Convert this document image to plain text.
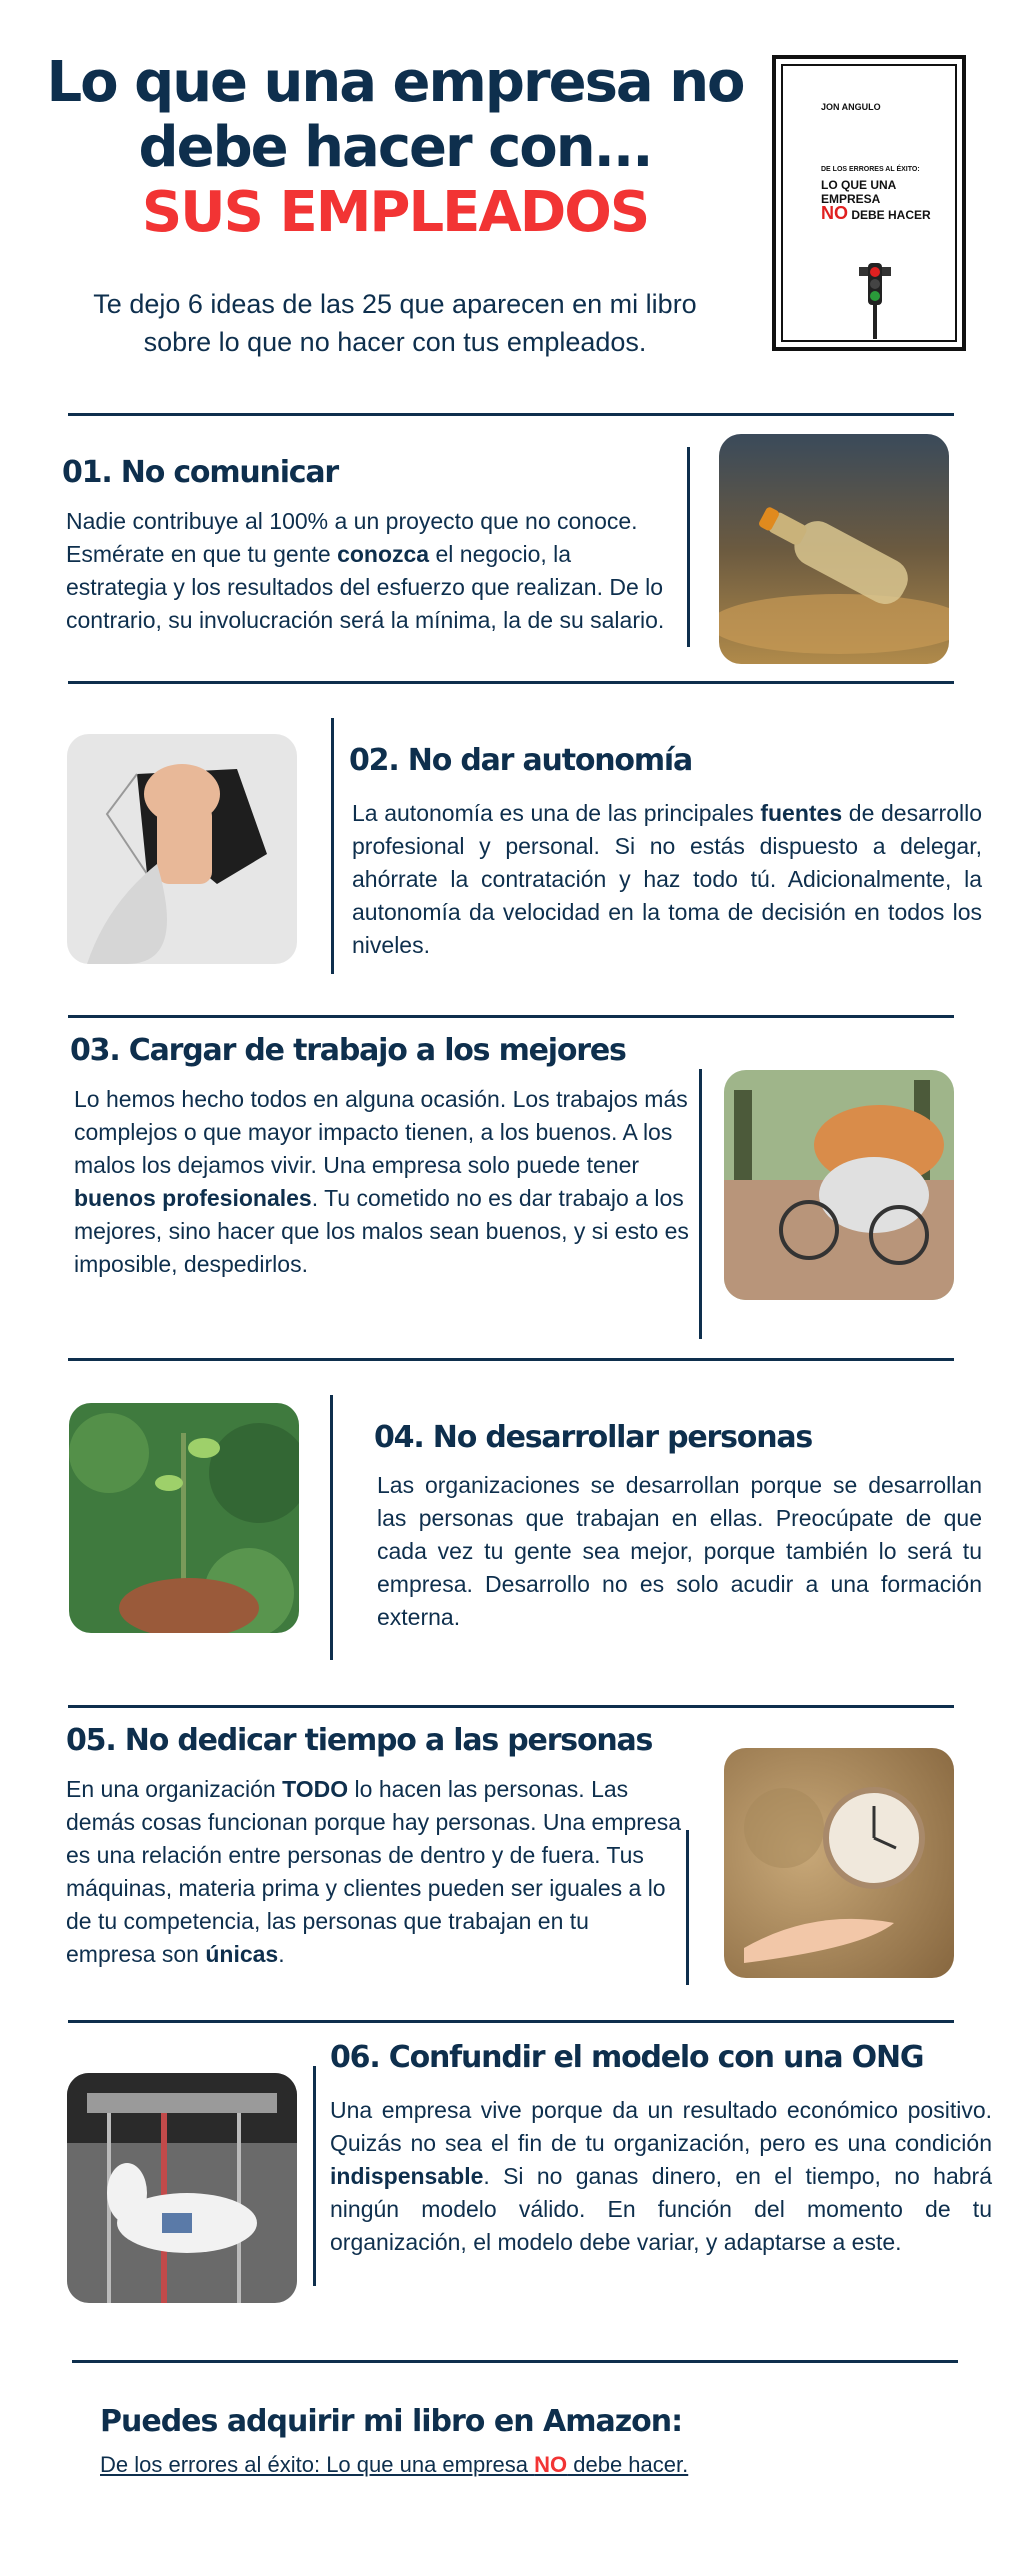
Lo que una empresa no
debe hacer con...
SUS EMPLEADOS

Te dejo 6 ideas de las 25 que aparecen en mi libro sobre lo que no hacer con tus empleados.

JON ANGULO
DE LOS ERRORES AL ÉXITO:
LO QUE UNA EMPRESA
NO DEBE HACER
01. No comunicar

Nadie contribuye al 100% a un proyecto que no conoce. Esmérate en que tu gente conozca el negocio, la estrategia y los resultados del esfuerzo que realizan. De lo contrario, su involucración será la mínima, la de su salario.

02. No dar autonomía

La autonomía es una de las principales fuentes de desarrollo profesional y personal. Si no estás dispuesto a delegar, ahórrate la contratación y haz todo tú. Adicionalmente, la autonomía da velocidad en la toma de decisión en todos los niveles.

03. Cargar de trabajo a los mejores

Lo hemos hecho todos en alguna ocasión. Los trabajos más complejos o que mayor impacto tienen, a los buenos. A los malos los dejamos vivir. Una empresa solo puede tener buenos profesionales. Tu cometido no es dar trabajo a los mejores, sino hacer que los malos sean buenos, y si esto es imposible, despedirlos.

04. No desarrollar personas

Las organizaciones se desarrollan porque se desarrollan las personas que trabajan en ellas. Preocúpate de que cada vez tu gente sea mejor, porque también lo será tu empresa. Desarrollo no es solo acudir a una formación externa.

05. No dedicar tiempo a las personas

En una organización TODO lo hacen las personas. Las demás cosas funcionan porque hay personas. Una empresa es una relación entre personas de dentro y de fuera. Tus máquinas, materia prima y clientes pueden ser iguales a lo de tu competencia, las personas que trabajan en tu empresa son únicas.

06. Confundir el modelo con una ONG

Una empresa vive porque da un resultado económico positivo. Quizás no sea el fin de tu organización, pero es una condición indispensable. Si no ganas dinero, en el tiempo, no habrá ningún modelo válido. En función del momento de tu organización, el modelo debe variar, y adaptarse a este.

Puedes adquirir mi libro en Amazon:
De los errores al éxito: Lo que una empresa NO debe hacer.
